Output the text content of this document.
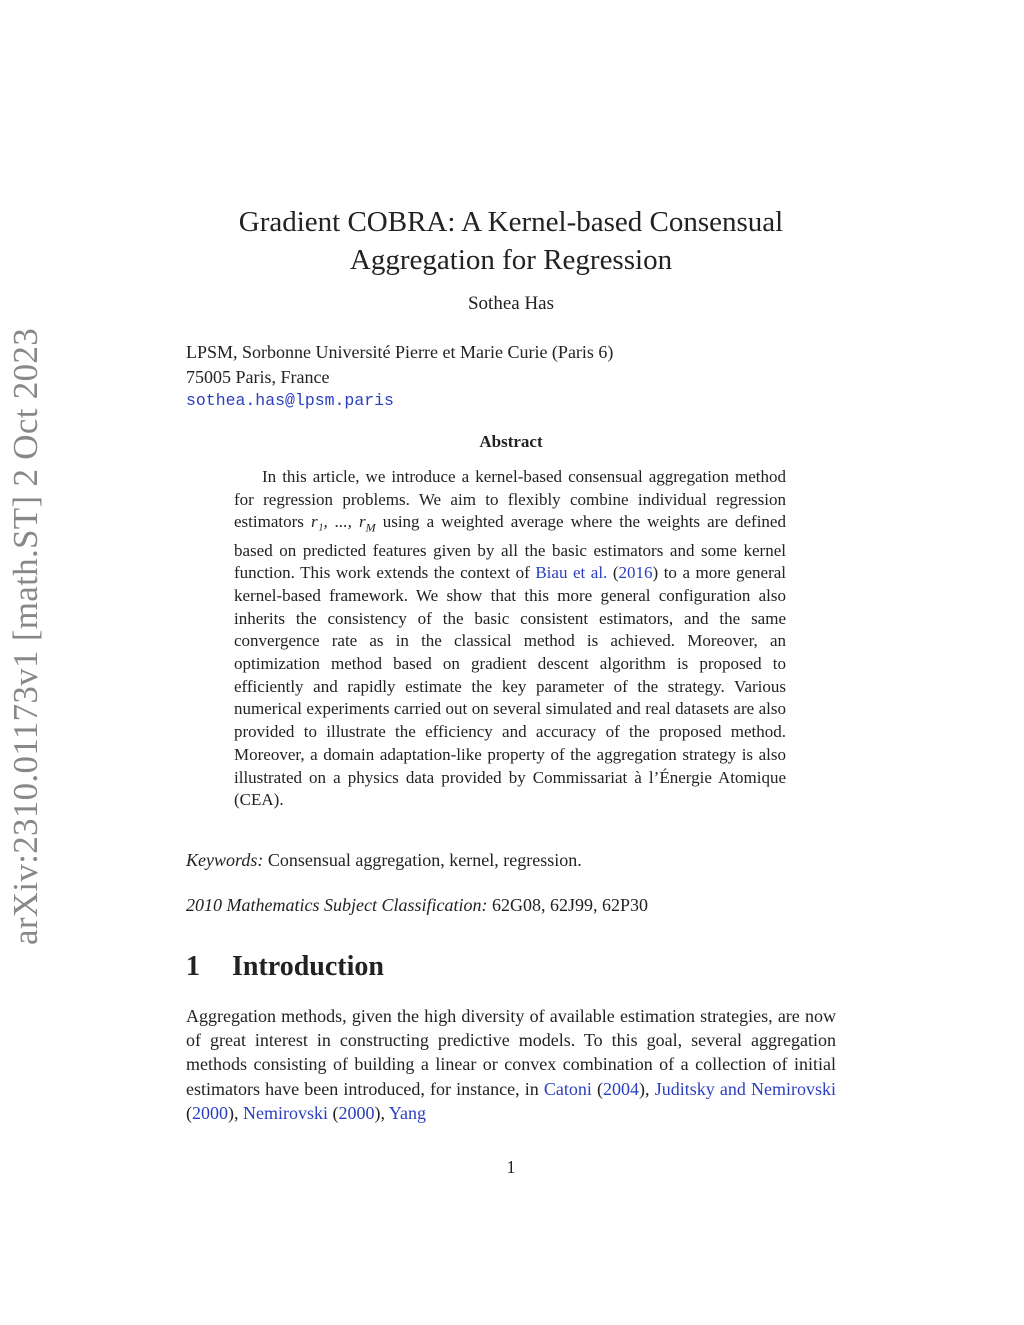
arXiv:2310.01173v1 [math.ST] 2 Oct 2023
Gradient COBRA: A Kernel-based Consensual
Aggregation for Regression
Sothea Has
LPSM, Sorbonne Université Pierre et Marie Curie (Paris 6)
75005 Paris, France
sothea.has@lpsm.paris
Abstract

In this article, we introduce a kernel-based consensual aggregation method for regression problems. We aim to flexibly combine individual regression estimators r₁, ..., $r_M$ using a weighted average where the weights are defined based on predicted features given by all the basic estimators and some kernel function. This work extends the context of Biau et al. (2016) to a more general kernel-based framework. We show that this more general configuration also inherits the consistency of the basic consistent estimators, and the same convergence rate as in the classical method is achieved. Moreover, an optimization method based on gradient descent algorithm is proposed to efficiently and rapidly estimate the key parameter of the strategy. Various numerical experiments carried out on several simulated and real datasets are also provided to illustrate the efficiency and accuracy of the proposed method. Moreover, a domain adaptation-like property of the aggregation strategy is also illustrated on a physics data provided by Commissariat à l’Énergie Atomique (CEA).

Keywords: Consensual aggregation, kernel, regression.
2010 Mathematics Subject Classification: 62G08, 62J99, 62P30
1 Introduction

Aggregation methods, given the high diversity of available estimation strategies, are now of great interest in constructing predictive models. To this goal, several aggregation methods consisting of building a linear or convex combination of a collection of initial estimators have been introduced, for instance, in Catoni (2004), Juditsky and Nemirovski (2000), Nemirovski (2000), Yang

1
